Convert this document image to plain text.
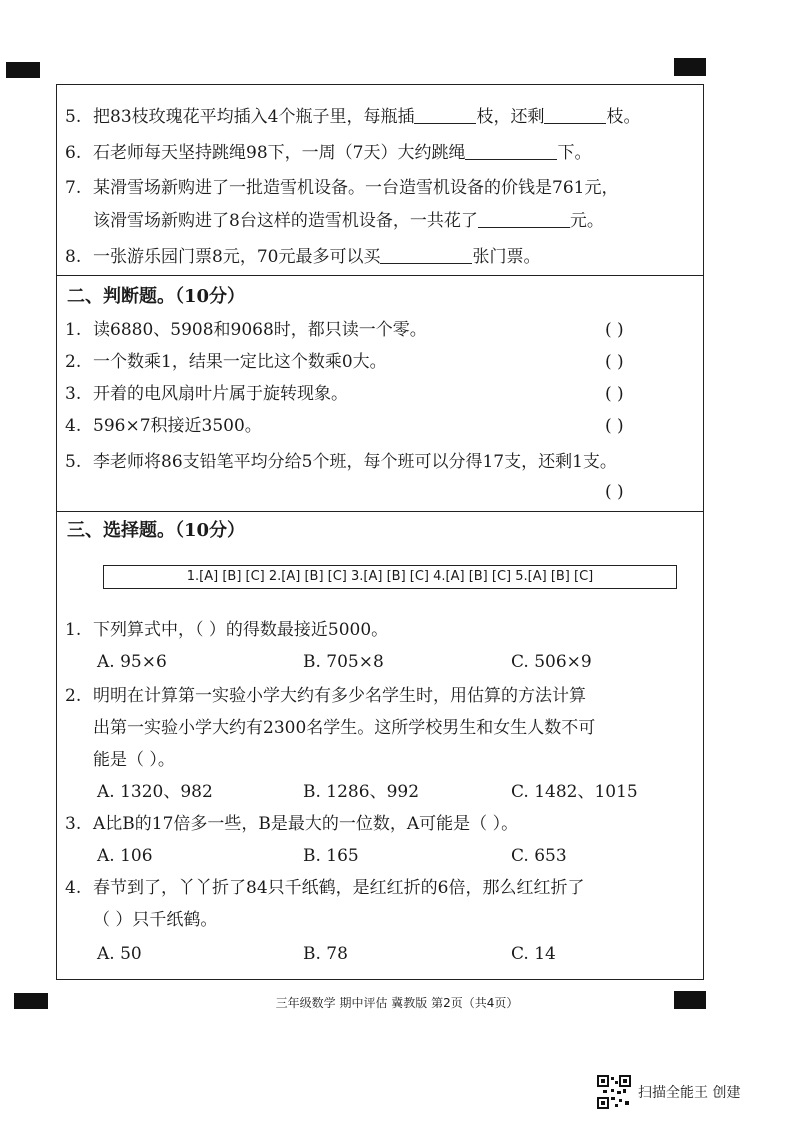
5. 把83枝玫瑰花平均插入4个瓶子里，每瓶插	枝，还剩	枝。
6. 石老师每天坚持跳绳98下，一周（7天）大约跳绳	下。
7. 某滑雪场新购进了一批造雪机设备。一台造雪机设备的价钱是761元，
该滑雪场新购进了8台这样的造雪机设备，一共花了	元。
8. 一张游乐园门票8元，70元最多可以买	张门票。
二、判断题。（10分）
1. 读6880、5908和9068时，都只读一个零。	( )
2. 一个数乘1，结果一定比这个数乘0大。	( )
3. 开着的电风扇叶片属于旋转现象。	( )
4. 596×7积接近3500。	( )
5. 李老师将86支铅笔平均分给5个班，每个班可以分得17支，还剩1支。
( )
三、选择题。（10分）
1.[A] [B] [C] 2.[A] [B] [C] 3.[A] [B] [C] 4.[A] [B] [C] 5.[A] [B] [C]
1. 下列算式中，（ ）的得数最接近5000。
A. 95×6	B. 705×8	C. 506×9
2. 明明在计算第一实验小学大约有多少名学生时，用估算的方法计算
出第一实验小学大约有2300名学生。这所学校男生和女生人数不可
能是（ ）。
A. 1320、982	B. 1286、992	C. 1482、1015
3. A比B的17倍多一些，B是最大的一位数，A可能是（ ）。
A. 106	B. 165	C. 653
4. 春节到了，丫丫折了84只千纸鹤，是红红折的6倍，那么红红折了
（ ）只千纸鹤。
A. 50	B. 78	C. 14
三年级数学 期中评估 冀教版 第2页（共4页）
扫描全能王 创建
